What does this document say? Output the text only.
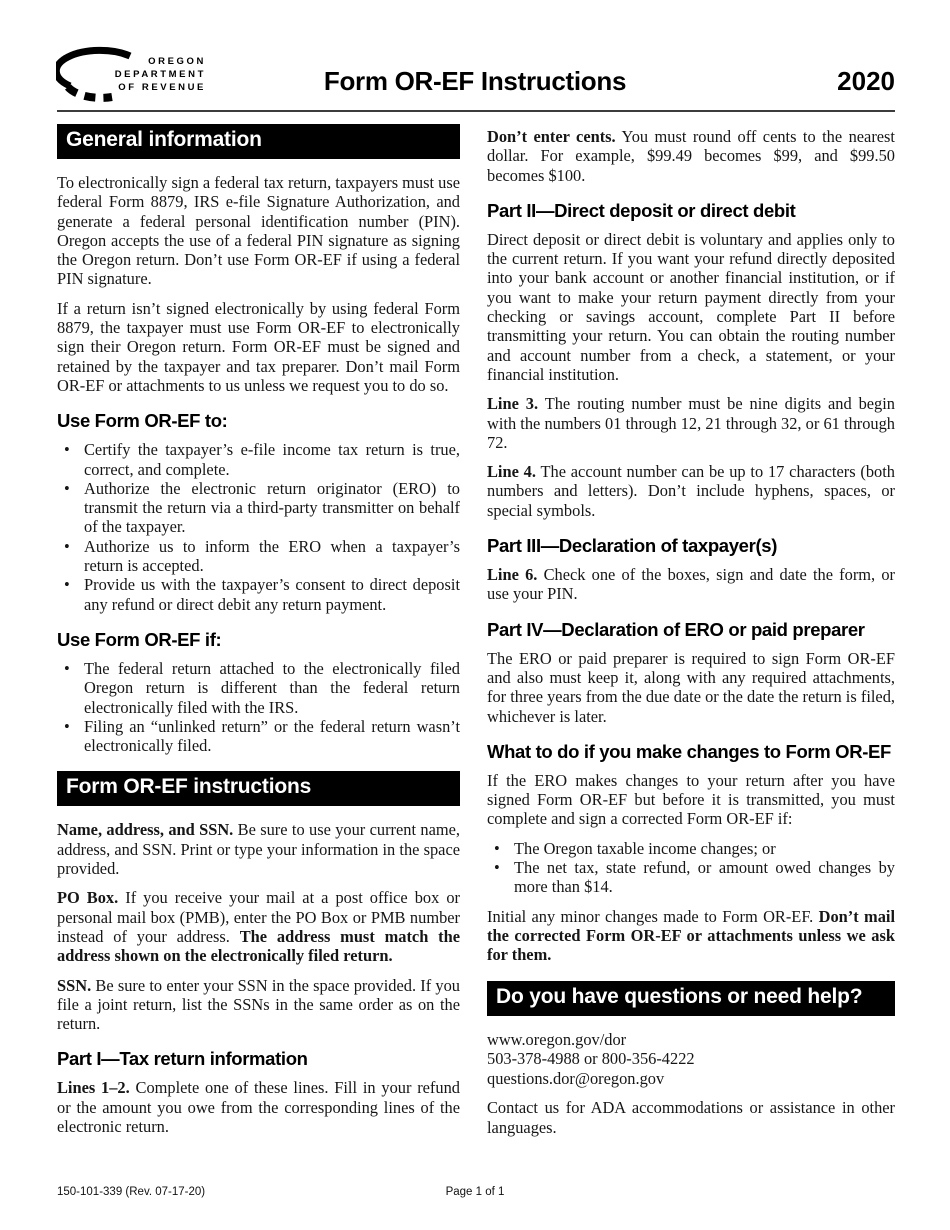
OREGON
DEPARTMENT
OF REVENUE	Form OR-EF Instructions	2020
General information

To electronically sign a federal tax return, taxpayers must use federal Form 8879, IRS e-file Signature Authorization, and generate a federal personal identification number (PIN). Oregon accepts the use of a federal PIN signature as signing the Oregon return. Don’t use Form OR-EF if using a federal PIN signature.

If a return isn’t signed electronically by using federal Form 8879, the taxpayer must use Form OR-EF to electronically sign their Oregon return. Form OR-EF must be signed and retained by the taxpayer and tax preparer. Don’t mail Form OR-EF or attachments to us unless we request you to do so.

Use Form OR-EF to:
• Certify the taxpayer’s e-file income tax return is true, correct, and complete.
• Authorize the electronic return originator (ERO) to transmit the return via a third-party transmitter on behalf of the taxpayer.
• Authorize us to inform the ERO when a taxpayer’s return is accepted.
• Provide us with the taxpayer’s consent to direct deposit any refund or direct debit any return payment.
Use Form OR-EF if:
• The federal return attached to the electronically filed Oregon return is different than the federal return electronically filed with the IRS.
• Filing an “unlinked return” or the federal return wasn’t electronically filed.
Form OR-EF instructions

Name, address, and SSN. Be sure to use your current name, address, and SSN. Print or type your information in the space provided.

PO Box. If you receive your mail at a post office box or personal mail box (PMB), enter the PO Box or PMB number instead of your address. The address must match the address shown on the electronically filed return.

SSN. Be sure to enter your SSN in the space provided. If you file a joint return, list the SSNs in the same order as on the return.

Part I—Tax return information

Lines 1–2. Complete one of these lines. Fill in your refund or the amount you owe from the corresponding lines of the electronic return.

Don’t enter cents. You must round off cents to the nearest dollar. For example, $99.49 becomes $99, and $99.50 becomes $100.

Part II—Direct deposit or direct debit

Direct deposit or direct debit is voluntary and applies only to the current return. If you want your refund directly deposited into your bank account or another financial institution, or if you want to make your return payment directly from your checking or savings account, complete Part II before transmitting your return. You can obtain the routing number and account number from a check, a statement, or your financial institution.

Line 3. The routing number must be nine digits and begin with the numbers 01 through 12, 21 through 32, or 61 through 72.

Line 4. The account number can be up to 17 characters (both numbers and letters). Don’t include hyphens, spaces, or special symbols.

Part III—Declaration of taxpayer(s)

Line 6. Check one of the boxes, sign and date the form, or use your PIN.

Part IV—Declaration of ERO or paid preparer

The ERO or paid preparer is required to sign Form OR-EF and also must keep it, along with any required attachments, for three years from the due date or the date the return is filed, whichever is later.

What to do if you make changes to Form OR-EF

If the ERO makes changes to your return after you have signed Form OR-EF but before it is transmitted, you must complete and sign a corrected Form OR-EF if:

• The Oregon taxable income changes; or
• The net tax, state refund, or amount owed changes by more than $14.

Initial any minor changes made to Form OR-EF. Don’t mail the corrected Form OR-EF or attachments unless we ask for them.

Do you have questions or need help?
www.oregon.gov/dor
503-378-4988 or 800-356-4222
questions.dor@oregon.gov

Contact us for ADA accommodations or assistance in other languages.

150-101-339 (Rev. 07-17-20)	Page 1 of 1
